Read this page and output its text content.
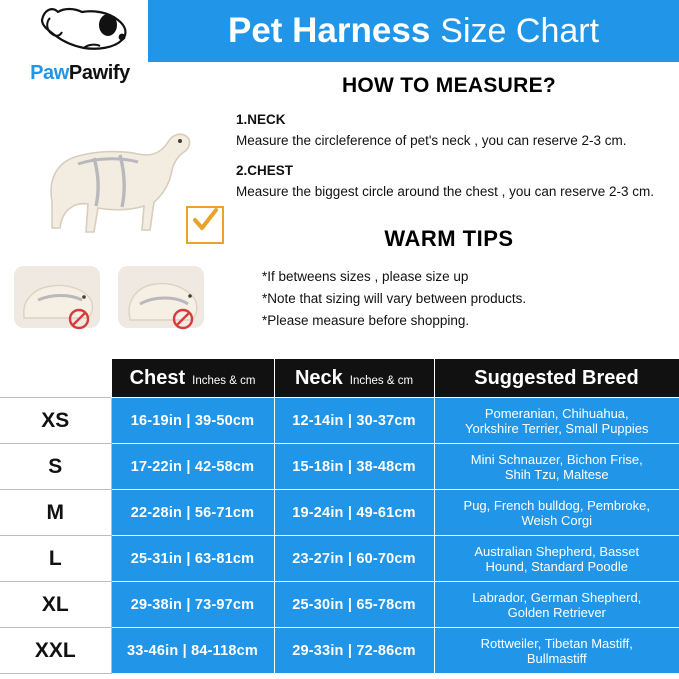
Pet Harness Size Chart
PawPawify
HOW TO MEASURE?
1.NECK
Measure the circleference of pet's neck , you can reserve 2-3 cm.
2.CHEST
Measure the biggest circle around the chest , you can reserve 2-3 cm.
WARM TIPS
*If betweens sizes , please size up
*Note that sizing will vary between products.
*Please measure before shopping.

	Chest Inches & cm	Neck Inches & cm	Suggested Breed

XS	16-19in | 39-50cm	12-14in | 30-37cm	Pomeranian, Chihuahua,
Yorkshire Terrier, Small Puppies

S	17-22in | 42-58cm	15-18in | 38-48cm	Mini Schnauzer, Bichon Frise,
Shih Tzu, Maltese

M	22-28in | 56-71cm	19-24in | 49-61cm	Pug, French bulldog, Pembroke,
Weish Corgi

L	25-31in | 63-81cm	23-27in | 60-70cm	Australian Shepherd, Basset
Hound, Standard Poodle

XL	29-38in | 73-97cm	25-30in | 65-78cm	Labrador, German Shepherd,
Golden Retriever

XXL	33-46in | 84-118cm	29-33in | 72-86cm	Rottweiler, Tibetan Mastiff,
Bullmastiff
